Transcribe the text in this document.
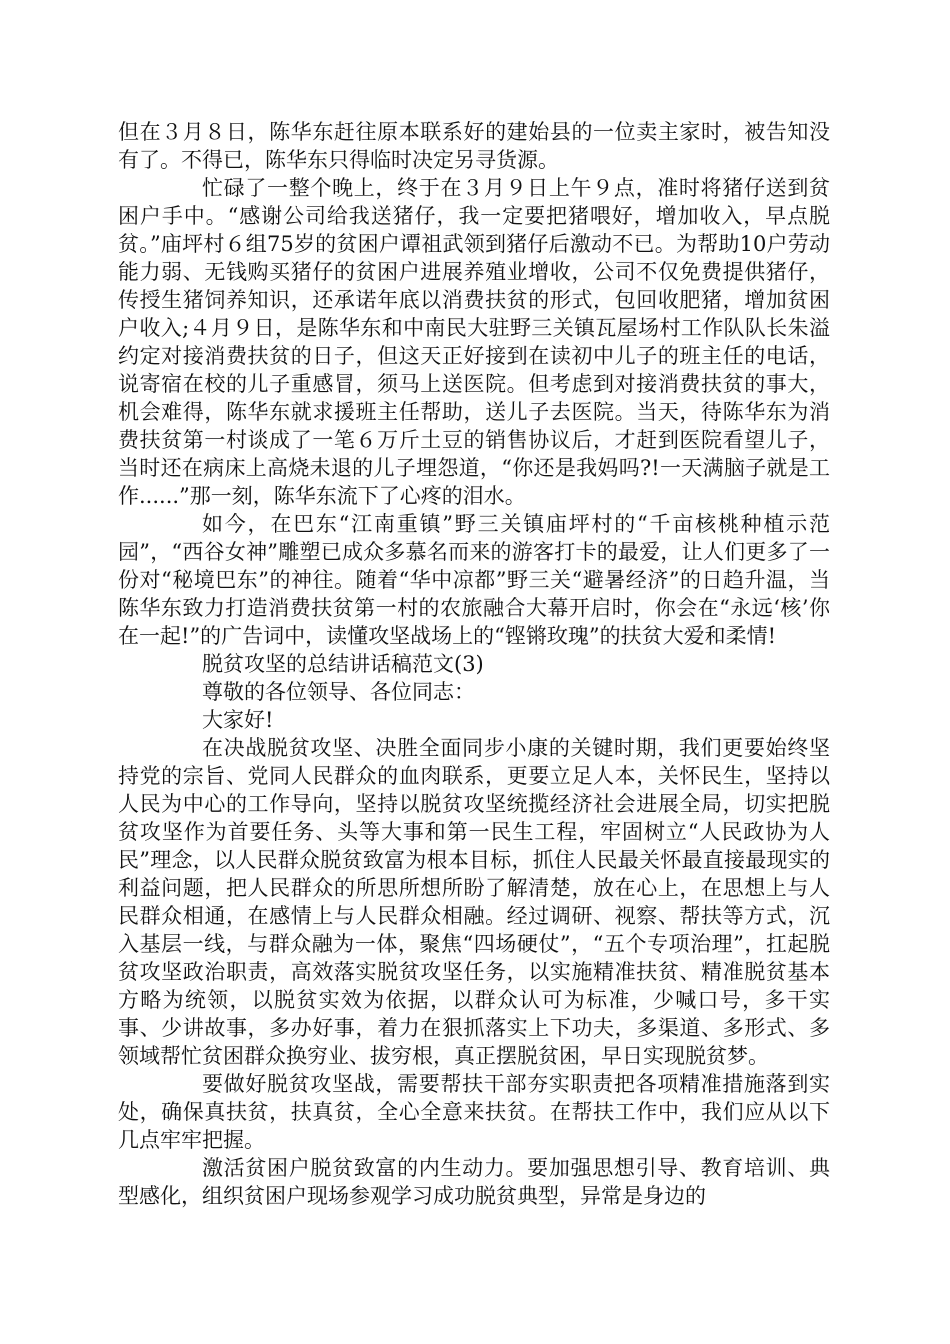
但在３月８日，陈华东赶往原本联系好的建始县的一位卖主家时，被告知没有了。不得已，陈华东只得临时决定另寻货源。

忙碌了一整个晚上，终于在３月９日上午９点，准时将猪仔送到贫困户手中。“感谢公司给我送猪仔，我一定要把猪喂好，增加收入，早点脱贫。”庙坪村６组75岁的贫困户谭祖武领到猪仔后激动不已。为帮助10户劳动能力弱、无钱购买猪仔的贫困户进展养殖业增收，公司不仅免费提供猪仔，传授生猪饲养知识，还承诺年底以消费扶贫的形式，包回收肥猪，增加贫困户收入;４月９日，是陈华东和中南民大驻野三关镇瓦屋场村工作队队长朱溢约定对接消费扶贫的日子，但这天正好接到在读初中儿子的班主任的电话，说寄宿在校的儿子重感冒，须马上送医院。但考虑到对接消费扶贫的事大，机会难得，陈华东就求援班主任帮助，送儿子去医院。当天，待陈华东为消费扶贫第一村谈成了一笔６万斤土豆的销售协议后，才赶到医院看望儿子，当时还在病床上高烧未退的儿子埋怨道，“你还是我妈吗?!一天满脑子就是工作......”那一刻，陈华东流下了心疼的泪水。

如今，在巴东“江南重镇”野三关镇庙坪村的“千亩核桃种植示范园”，“西谷女神”雕塑已成众多慕名而来的游客打卡的最爱，让人们更多了一份对“秘境巴东”的神往。随着“华中凉都”野三关“避暑经济”的日趋升温，当陈华东致力打造消费扶贫第一村的农旅融合大幕开启时，你会在“永远‘核’你在一起!”的广告词中，读懂攻坚战场上的“铿锵玫瑰”的扶贫大爱和柔情!

脱贫攻坚的总结讲话稿范文(3)

尊敬的各位领导、各位同志：

大家好!

在决战脱贫攻坚、决胜全面同步小康的关键时期，我们更要始终坚持党的宗旨、党同人民群众的血肉联系，更要立足人本，关怀民生，坚持以人民为中心的工作导向，坚持以脱贫攻坚统揽经济社会进展全局，切实把脱贫攻坚作为首要任务、头等大事和第一民生工程，牢固树立“人民政协为人民”理念，以人民群众脱贫致富为根本目标，抓住人民最关怀最直接最现实的利益问题，把人民群众的所思所想所盼了解清楚，放在心上，在思想上与人民群众相通，在感情上与人民群众相融。经过调研、视察、帮扶等方式，沉入基层一线，与群众融为一体，聚焦“四场硬仗”，“五个专项治理”，扛起脱贫攻坚政治职责，高效落实脱贫攻坚任务，以实施精准扶贫、精准脱贫基本方略为统领，以脱贫实效为依据，以群众认可为标准，少喊口号，多干实事、少讲故事，多办好事，着力在狠抓落实上下功夫，多渠道、多形式、多领域帮忙贫困群众换穷业、拔穷根，真正摆脱贫困，早日实现脱贫梦。

要做好脱贫攻坚战，需要帮扶干部夯实职责把各项精准措施落到实处，确保真扶贫，扶真贫，全心全意来扶贫。在帮扶工作中，我们应从以下几点牢牢把握。

激活贫困户脱贫致富的内生动力。要加强思想引导、教育培训、典型感化，组织贫困户现场参观学习成功脱贫典型，异常是身边的
